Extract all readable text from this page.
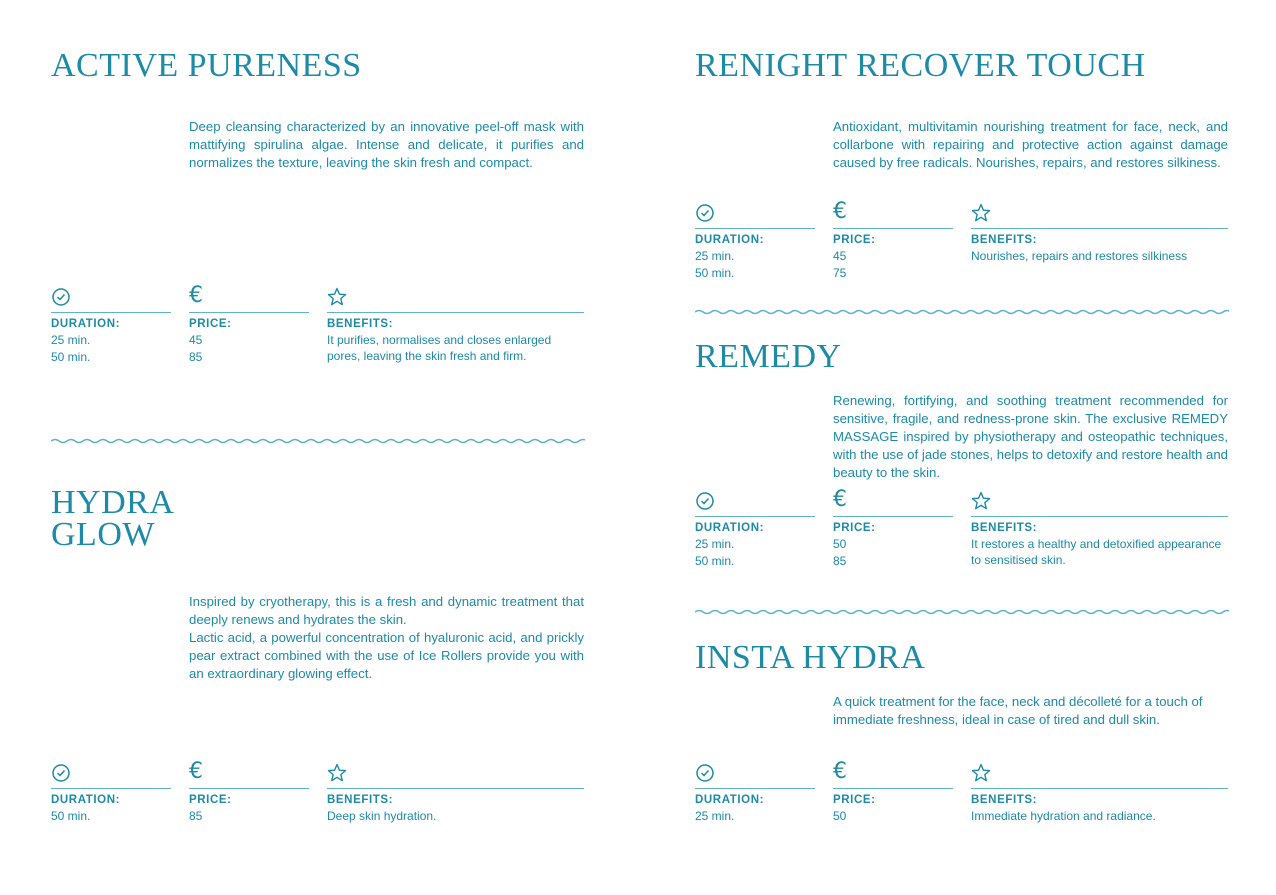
ACTIVE PURENESS

Deep cleansing characterized by an innovative peel-off mask with mattifying spirulina algae. Intense and delicate, it purifies and normalizes the texture, leaving the skin fresh and compact.

DURATION:
25 min.
50 min.
€
PRICE:
45
85
BENEFITS:
It purifies, normalises and closes enlarged pores, leaving the skin fresh and firm.
HYDRA
GLOW

Inspired by cryotherapy, this is a fresh and dynamic treatment that deeply renews and hydrates the skin.
Lactic acid, a powerful concentration of hyaluronic acid, and prickly pear extract combined with the use of Ice Rollers provide you with an extraordinary glowing effect.

DURATION:
50 min.
€
PRICE:
85
BENEFITS:
Deep skin hydration.
RENIGHT RECOVER TOUCH

Antioxidant, multivitamin nourishing treatment for face, neck, and collarbone with repairing and protective action against damage caused by free radicals. Nourishes, repairs, and restores silkiness.

DURATION:
25 min.
50 min.
€
PRICE:
45
75
BENEFITS:
Nourishes, repairs and restores silkiness
REMEDY

Renewing, fortifying, and soothing treatment recommended for sensitive, fragile, and redness-prone skin. The exclusive REMEDY MASSAGE inspired by physiotherapy and osteopathic techniques, with the use of jade stones, helps to detoxify and restore health and beauty to the skin.

DURATION:
25 min.
50 min.
€
PRICE:
50
85
BENEFITS:
It restores a healthy and detoxified appearance to sensitised skin.
INSTA HYDRA

A quick treatment for the face, neck and décolleté for a touch of immediate freshness, ideal in case of tired and dull skin.

DURATION:
25 min.
€
PRICE:
50
BENEFITS:
Immediate hydration and radiance.
